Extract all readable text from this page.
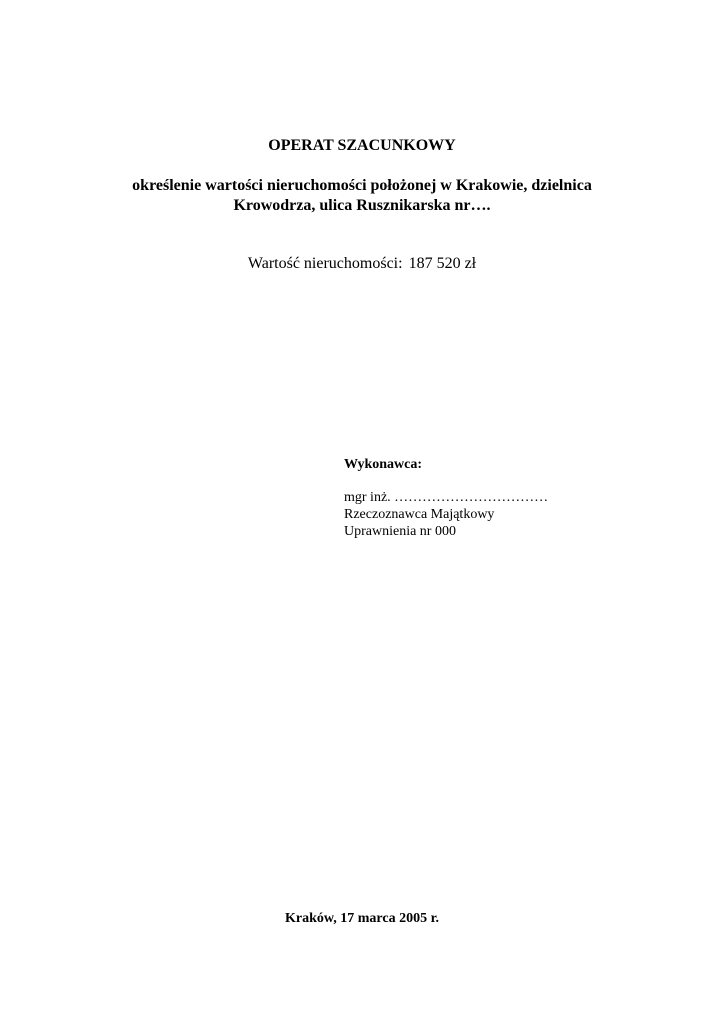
OPERAT SZACUNKOWY
określenie wartości nieruchomości położonej w Krakowie, dzielnica
Krowodrza, ulica Rusznikarska nr….
Wartość nieruchomości: 187 520 zł
Wykonawca:
mgr inż. ……………………………
Rzeczoznawca Majątkowy
Uprawnienia nr 000
Kraków, 17 marca 2005 r.
